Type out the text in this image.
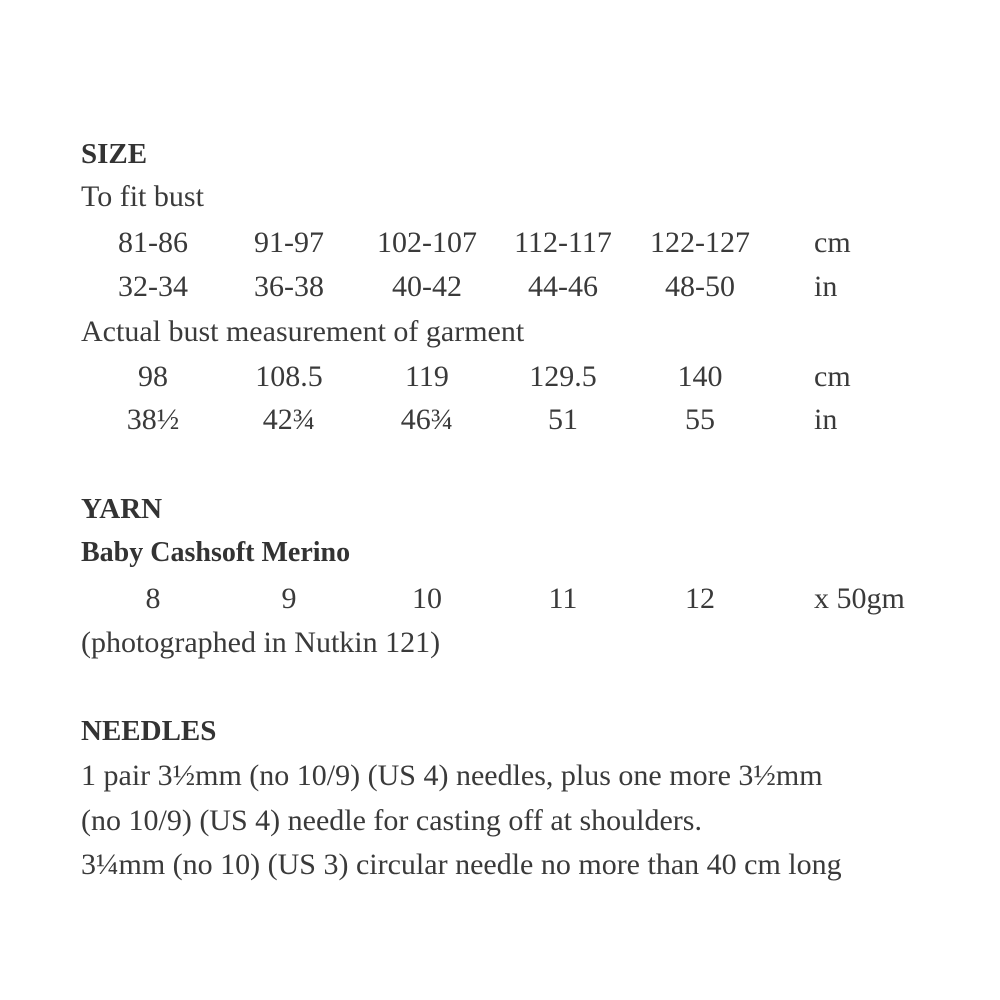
SIZE
To fit bust
81-86	91-97	102-107	112-117	122-127	cm
32-34	36-38	40-42	44-46	48-50	in
Actual bust measurement of garment
98	108.5	119	129.5	140	cm
38½	42¾	46¾	51	55	in
YARN
Baby Cashsoft Merino
8	9	10	11	12	x 50gm
(photographed in Nutkin 121)
NEEDLES
1 pair 3½mm (no 10/9) (US 4) needles, plus one more 3½mm
(no 10/9) (US 4) needle for casting off at shoulders.
3¼mm (no 10) (US 3) circular needle no more than 40 cm long
